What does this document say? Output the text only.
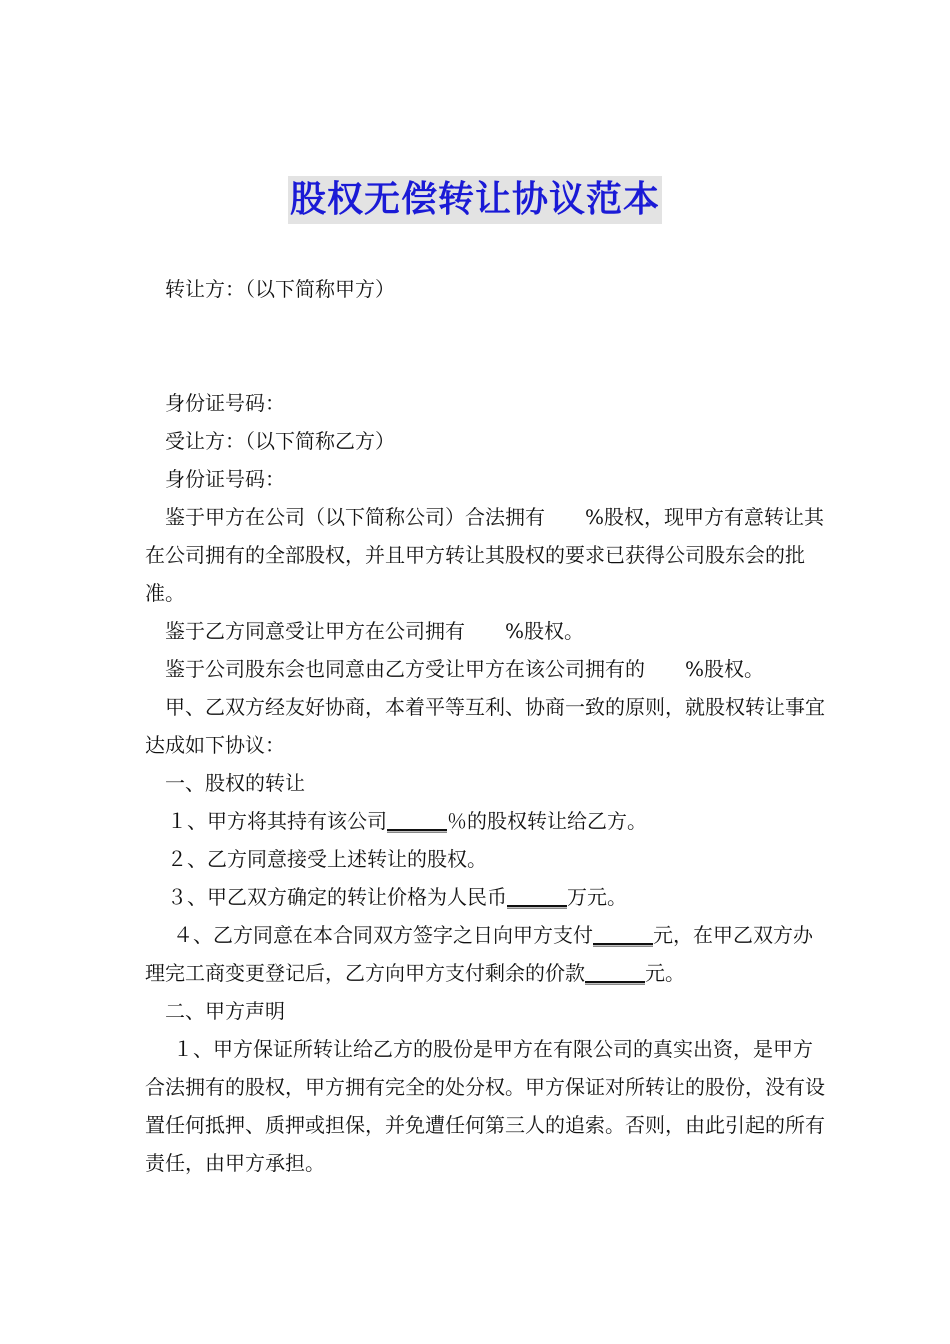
股权无偿转让协议范本

转让方：（以下简称甲方）

身份证号码：

受让方：（以下简称乙方）

身份证号码：

鉴于甲方在公司（以下简称公司）合法拥有　　%股权，现甲方有意转让其在公司拥有的全部股权，并且甲方转让其股权的要求已获得公司股东会的批准。

鉴于乙方同意受让甲方在公司拥有　　%股权。

鉴于公司股东会也同意由乙方受让甲方在该公司拥有的　　%股权。

甲、乙双方经友好协商，本着平等互利、协商一致的原则，就股权转让事宜达成如下协议：

一、股权的转让

１、甲方将其持有该公司______％的股权转让给乙方。

２、乙方同意接受上述转让的股权。

３、甲乙双方确定的转让价格为人民币______万元。

４、乙方同意在本合同双方签字之日向甲方支付______元，在甲乙双方办理完工商变更登记后，乙方向甲方支付剩余的价款______元。

二、甲方声明

１、甲方保证所转让给乙方的股份是甲方在有限公司的真实出资，是甲方合法拥有的股权，甲方拥有完全的处分权。甲方保证对所转让的股份，没有设置任何抵押、质押或担保，并免遭任何第三人的追索。否则，由此引起的所有责任，由甲方承担。
